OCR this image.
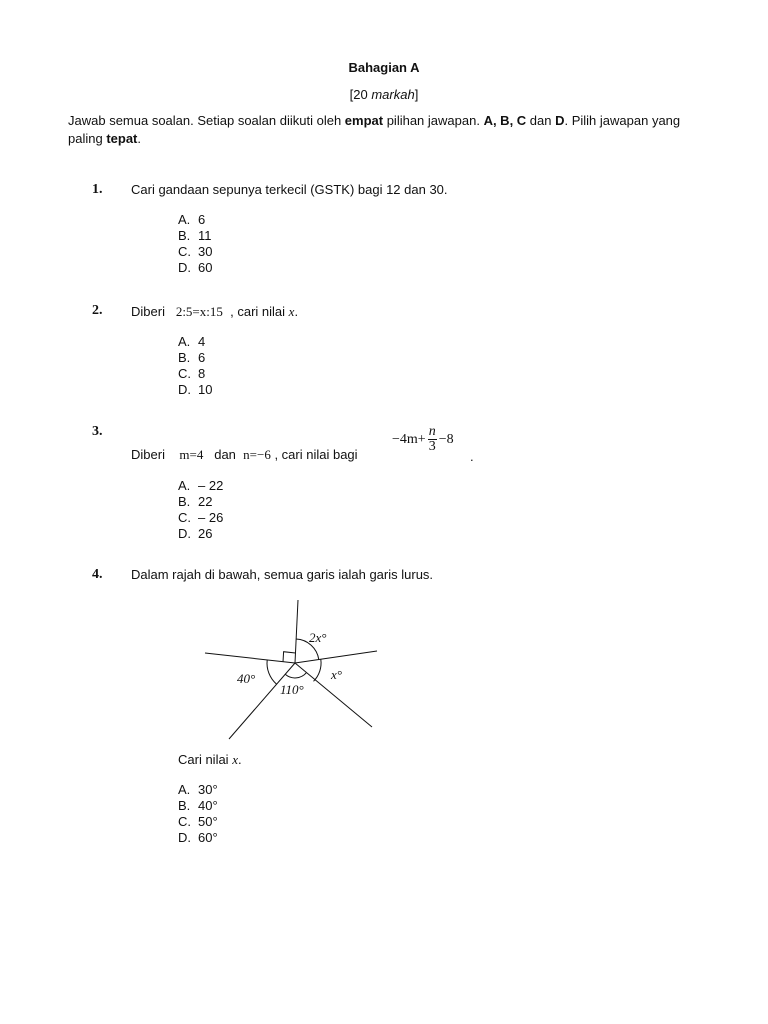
Bahagian A
[20 markah]
Jawab semua soalan. Setiap soalan diikuti oleh empat pilihan jawapan. A, B, C dan D. Pilih jawapan yang paling tepat.
1. Cari gandaan sepunya terkecil (GSTK) bagi 12 dan 30.
A. 6
B. 11
C. 30
D. 60
2. Diberi 2:5=x:15 , cari nilai x.
A. 4
B. 6
C. 8
D. 10
3.
Diberi m=4 dan n=−6 , cari nilai bagi
$-4m+ \frac{n}{3} -8$
.
A. – 22
B. 22
C. – 26
D. 26
4. Dalam rajah di bawah, semua garis ialah garis lurus.
2x°
x°
40°
110°
Cari nilai x.
A. 30°
B. 40°
C. 50°
D. 60°
